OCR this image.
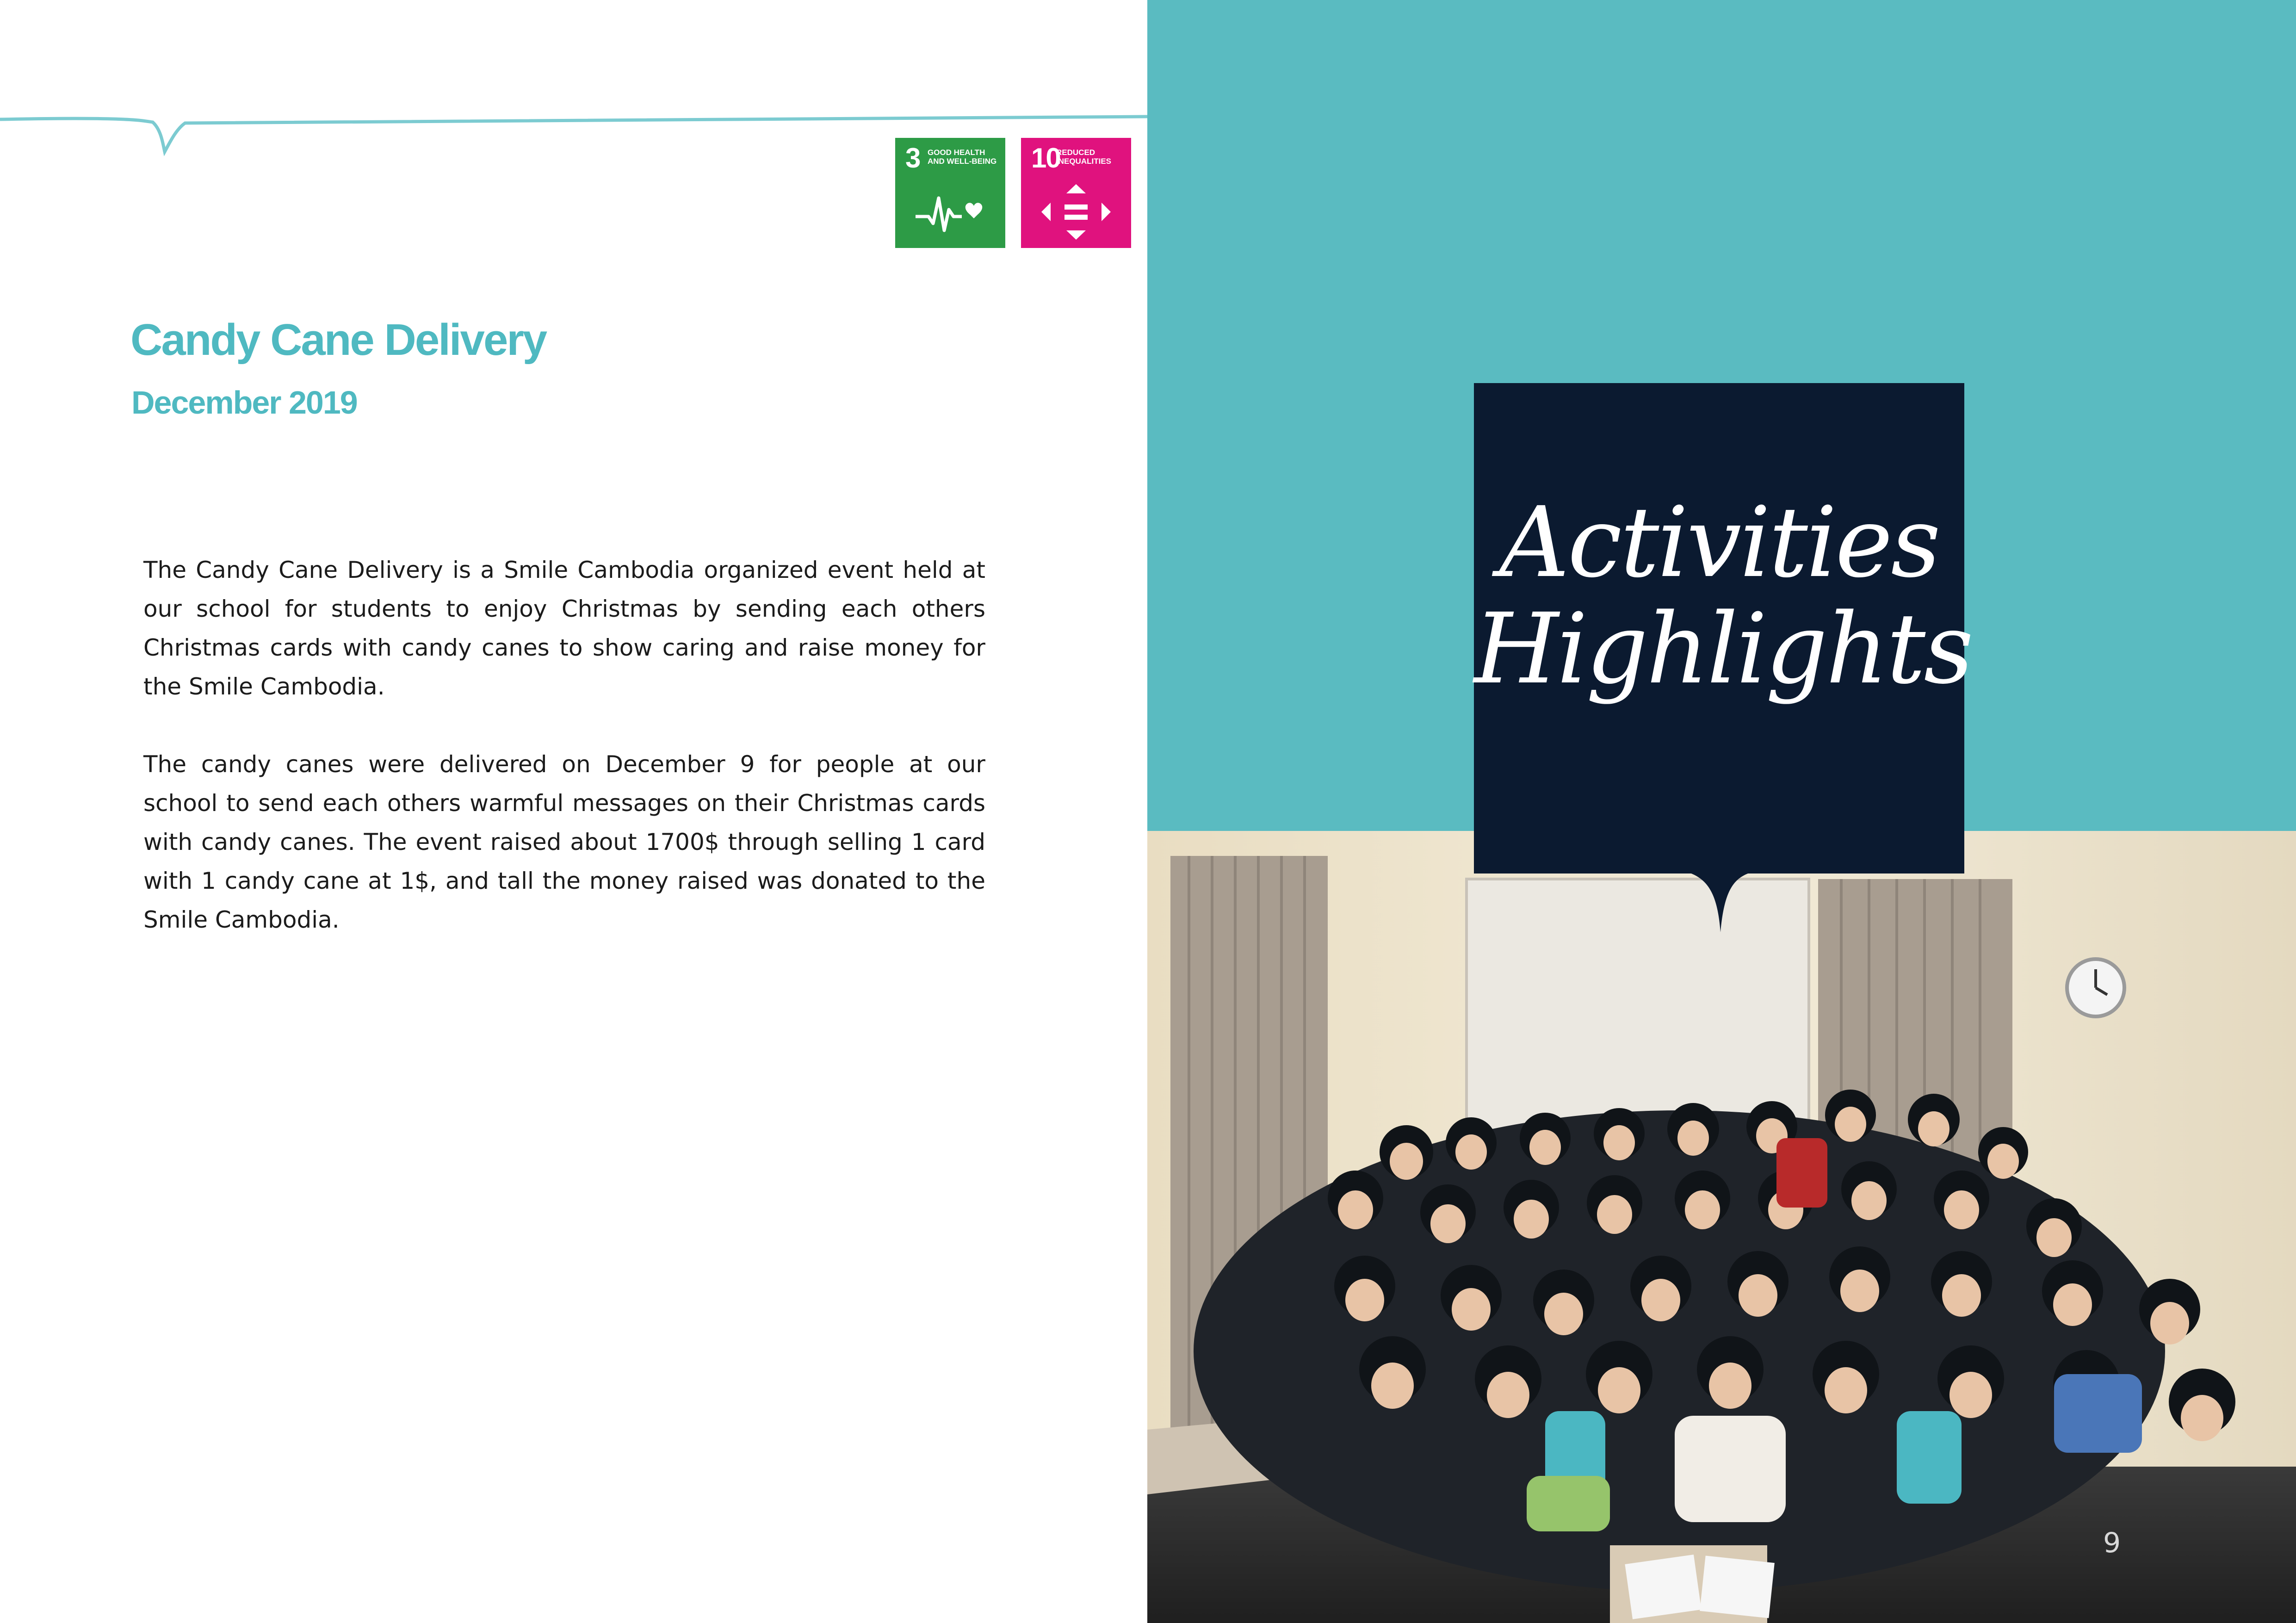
3 GOOD HEALTH
AND WELL-BEING 10
REDUCED
INEQUALITIES
Candy Cane Delivery
December 2019

The Candy Cane Delivery is a Smile Cambodia organized event held at our school for students to enjoy Christmas by sending each others Christmas cards with candy canes to show caring and raise money for the Smile Cambodia.

The candy canes were delivered on December 9 for people at our school to send each others warmful messages on their Christmas cards with candy canes. The event raised about 1700$ through selling 1 card with 1 candy cane at 1$, and tall the money raised was donated to the Smile Cambodia.

Activities
Highlights
9
